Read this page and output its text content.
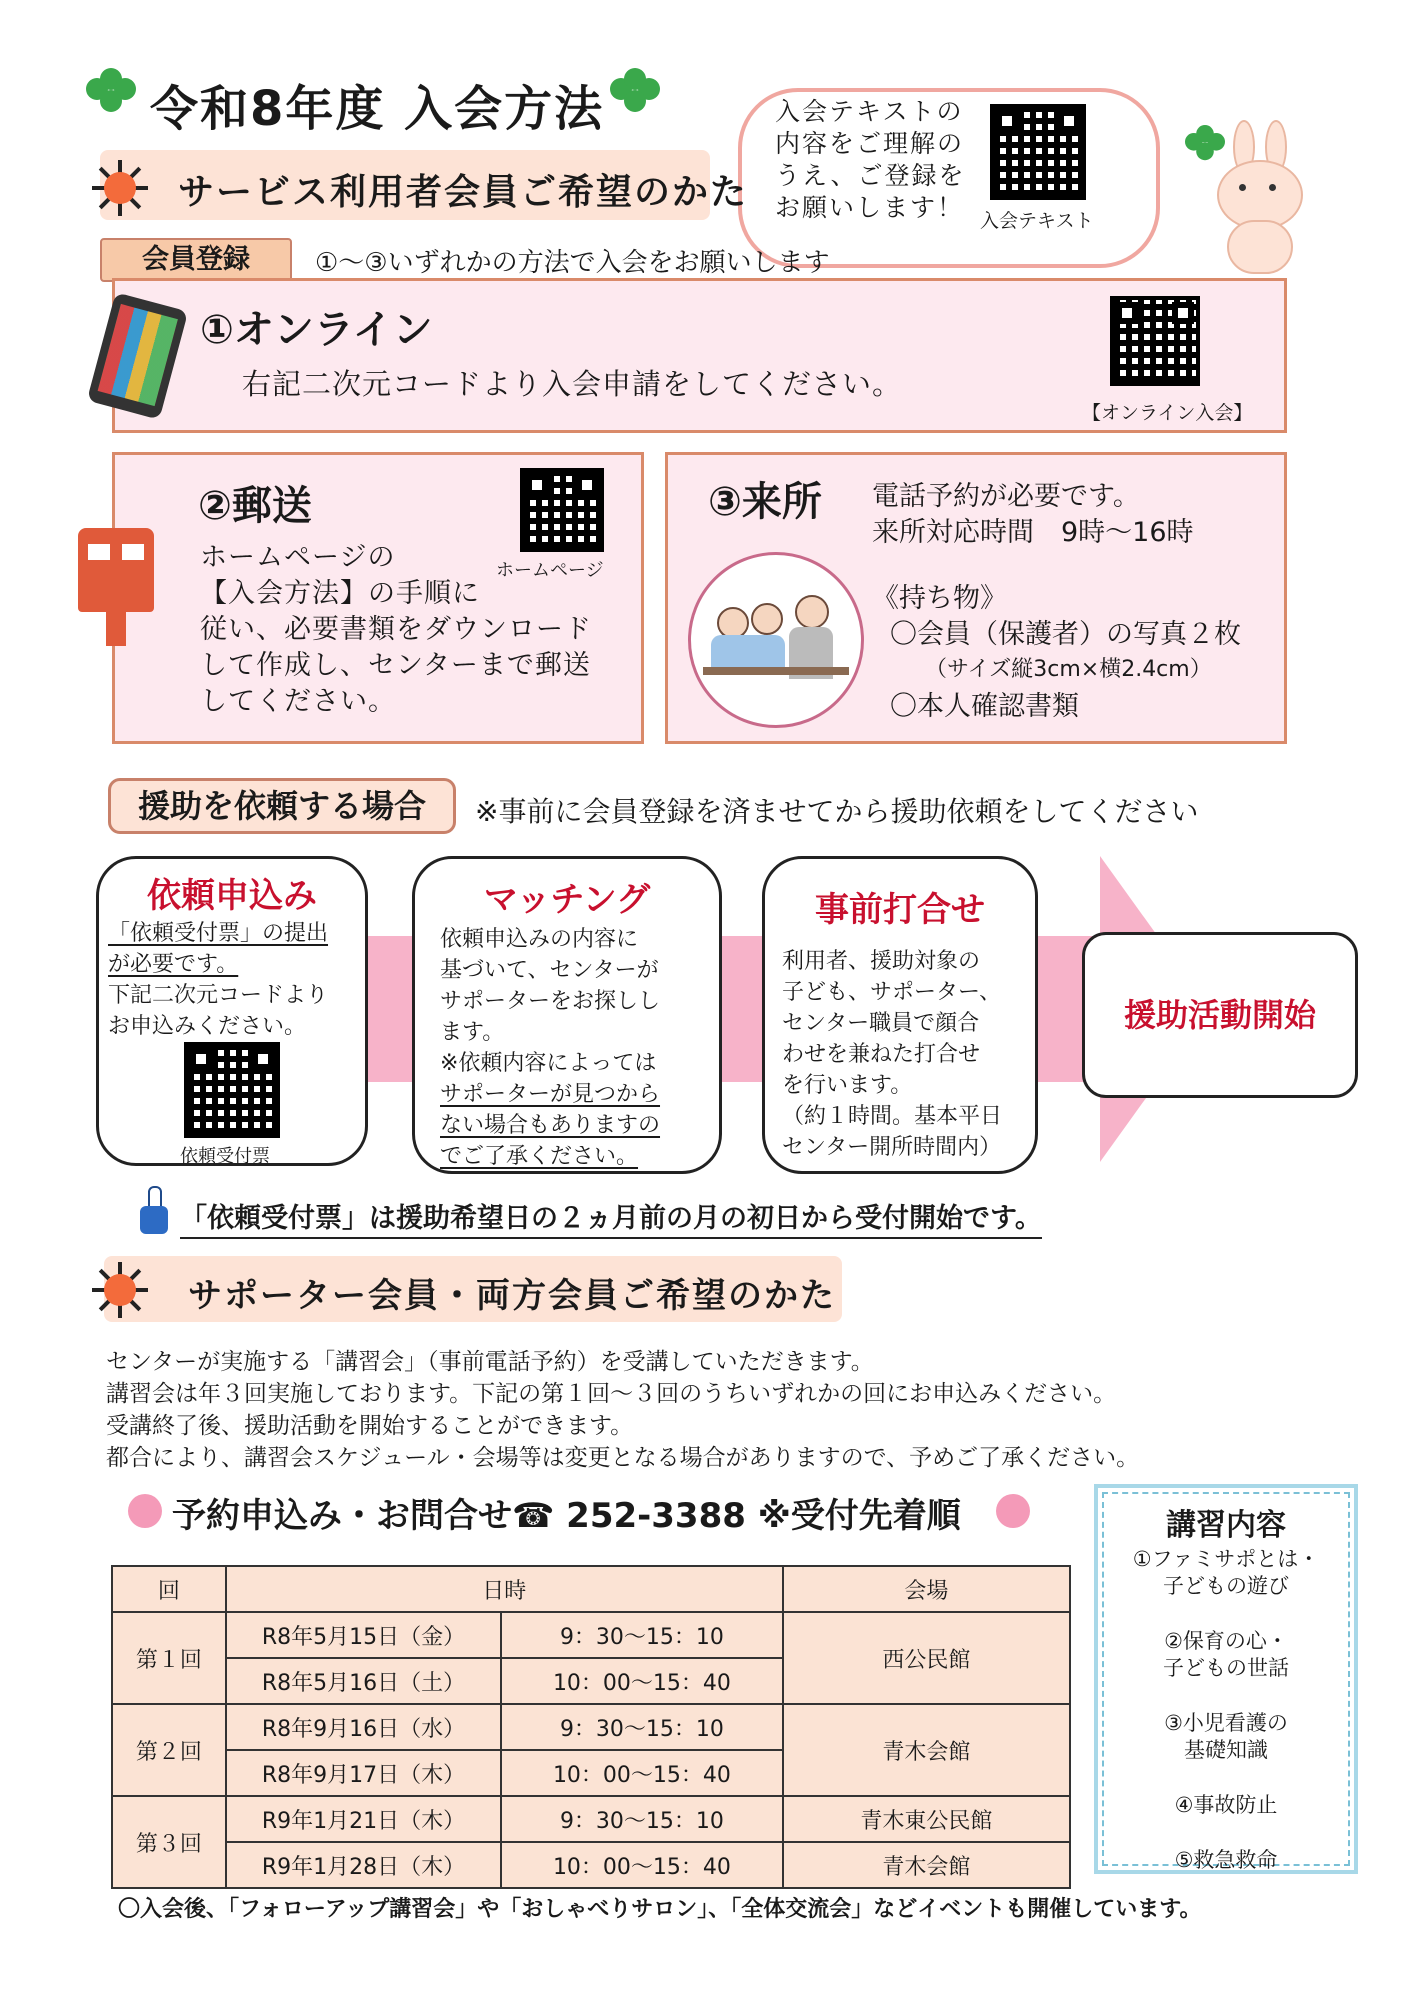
令和8年度 入会方法	入会テキストの
内容をご理解の
うえ、ご登録を
お願いします！ 入会テキスト
サービス利用者会員ご希望のかた
会員登録	①～③いずれかの方法で入会をお願いします
①オンライン
右記二次元コードより入会申請をしてください。
【オンライン入会】
②郵送
ホームページ
ホームページの
【入会方法】の手順に
従い、必要書類をダウンロード
して作成し、センターまで郵送
してください。
③来所 電話予約が必要です。
来所対応時間　9時～16時
《持ち物》
〇会員（保護者）の写真２枚
（サイズ縦3cm×横2.4cm）
〇本人確認書類
援助を依頼する場合	※事前に会員登録を済ませてから援助依頼をしてください
依頼申込み
「依頼受付票」の提出
が必要です。
下記二次元コードより
お申込みください。
依頼受付票
マッチング
依頼申込みの内容に
基づいて、センターが
サポーターをお探しし
ます。
※依頼内容によっては
サポーターが見つから
ない場合もありますの
でご了承ください。
事前打合せ
利用者、援助対象の
子ども、サポーター、
センター職員で顔合
わせを兼ねた打合せ
を行います。
（約１時間。基本平日
センター開所時間内）
援助活動開始
「依頼受付票」は援助希望日の２ヵ月前の月の初日から受付開始です。
サポーター会員・両方会員ご希望のかた
センターが実施する「講習会」（事前電話予約）を受講していただきます。
講習会は年３回実施しております。下記の第１回～３回のうちいずれかの回にお申込みください。
受講終了後、援助活動を開始することができます。
都合により、講習会スケジュール・会場等は変更となる場合がありますので、予めご了承ください。
予約申込み・お問合せ☎ 252-3388 ※受付先着順
回	日時		会場
第１回	R8年5月15日（金）	9：30～15：10	西公民館
	R8年5月16日（土）	10：00～15：40	
第２回	R8年9月16日（水）	9：30～15：10	青木会館
	R8年9月17日（木）	10：00～15：40	
第３回	R9年1月21日（木）	9：30～15：10	青木東公民館
	R9年1月28日（木）	10：00～15：40	青木会館
講習内容
①ファミサポとは・
子どもの遊び
②保育の心・
子どもの世話
③小児看護の
基礎知識
④事故防止
⑤救急救命
〇入会後、「フォローアップ講習会」や「おしゃべりサロン」、「全体交流会」などイベントも開催しています。
